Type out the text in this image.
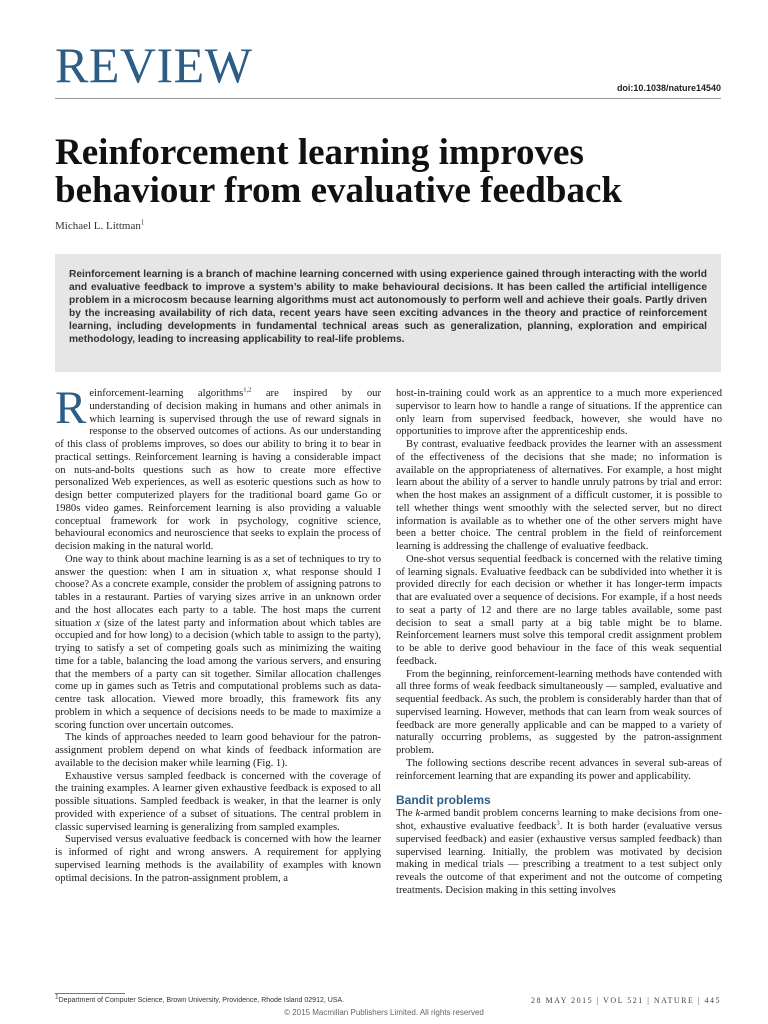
REVIEW	doi:10.1038/nature14540
Reinforcement learning improves behaviour from evaluative feedback
Michael L. Littman$^1$

Reinforcement learning is a branch of machine learning concerned with using experience gained through interacting with the world and evaluative feedback to improve a system’s ability to make behavioural decisions. It has been called the artificial intelligence problem in a microcosm because learning algorithms must act autonomously to perform well and achieve their goals. Partly driven by the increasing availability of rich data, recent years have seen exciting advances in the theory and practice of reinforcement learning, including developments in fundamental technical areas such as generalization, planning, exploration and empirical methodology, leading to increasing applicability to real-life problems.

Reinforcement-learning algorithms$^{1,2}$ are inspired by our understanding of decision making in humans and other animals in which learning is supervised through the use of reward signals in response to the observed outcomes of actions. As our understanding of this class of problems improves, so does our ability to bring it to bear in practical settings. Reinforcement learning is having a considerable impact on nuts-and-bolts questions such as how to create more effective personalized Web experiences, as well as esoteric questions such as how to design better computerized players for the traditional board game Go or 1980s video games. Reinforcement learning is also providing a valuable conceptual framework for work in psychology, cognitive science, behavioural economics and neuroscience that seeks to explain the process of decision making in the natural world.

One way to think about machine learning is as a set of techniques to try to answer the question: when I am in situation x, what response should I choose? As a concrete example, consider the problem of assigning patrons to tables in a restaurant. Parties of varying sizes arrive in an unknown order and the host allocates each party to a table. The host maps the current situation x (size of the latest party and information about which tables are occupied and for how long) to a decision (which table to assign to the party), trying to satisfy a set of competing goals such as minimizing the waiting time for a table, balancing the load among the various servers, and ensuring that the members of a party can sit together. Similar allocation challenges come up in games such as Tetris and computational problems such as data-centre task allocation. Viewed more broadly, this framework fits any problem in which a sequence of decisions needs to be made to maximize a scoring function over uncertain outcomes.

The kinds of approaches needed to learn good behaviour for the patron-assignment problem depend on what kinds of feedback information are available to the decision maker while learning (Fig. 1).

Exhaustive versus sampled feedback is concerned with the coverage of the training examples. A learner given exhaustive feedback is exposed to all possible situations. Sampled feedback is weaker, in that the learner is only provided with experience of a subset of situations. The central problem in classic supervised learning is generalizing from sampled examples.

Supervised versus evaluative feedback is concerned with how the learner is informed of right and wrong answers. A requirement for applying supervised learning methods is the availability of examples with known optimal decisions. In the patron-assignment problem, a

host-in-training could work as an apprentice to a much more experienced supervisor to learn how to handle a range of situations. If the apprentice can only learn from supervised feedback, however, she would have no opportunities to improve after the apprenticeship ends.

By contrast, evaluative feedback provides the learner with an assessment of the effectiveness of the decisions that she made; no information is available on the appropriateness of alternatives. For example, a host might learn about the ability of a server to handle unruly patrons by trial and error: when the host makes an assignment of a difficult customer, it is possible to tell whether things went smoothly with the selected server, but no direct information is available as to whether one of the other servers might have been a better choice. The central problem in the field of reinforcement learning is addressing the challenge of evaluative feedback.

One-shot versus sequential feedback is concerned with the relative timing of learning signals. Evaluative feedback can be subdivided into whether it is provided directly for each decision or whether it has longer-term impacts that are evaluated over a sequence of decisions. For example, if a host needs to seat a party of 12 and there are no large tables available, some past decision to seat a small party at a big table might be to blame. Reinforcement learners must solve this temporal credit assignment problem to be able to derive good behaviour in the face of this weak sequential feedback.

From the beginning, reinforcement-learning methods have contended with all three forms of weak feedback simultaneously — sampled, evaluative and sequential feedback. As such, the problem is considerably harder than that of supervised learning. However, methods that can learn from weak sources of feedback are more generally applicable and can be mapped to a variety of naturally occurring problems, as suggested by the patron-assignment problem.

The following sections describe recent advances in several sub-areas of reinforcement learning that are expanding its power and applicability.

Bandit problems

The k-armed bandit problem concerns learning to make decisions from one-shot, exhaustive evaluative feedback$^3$. It is both harder (evaluative versus supervised feedback) and easier (exhaustive versus sampled feedback) than supervised learning. Initially, the problem was motivated by decision making in medical trials — prescribing a treatment to a test subject only reveals the outcome of that experiment and not the outcome of competing treatments. Decision making in this setting involves

$^1$Department of Computer Science, Brown University, Providence, Rhode Island 02912, USA.	28 MAY 2015 | VOL 521 | NATURE | 445
© 2015 Macmillan Publishers Limited. All rights reserved
